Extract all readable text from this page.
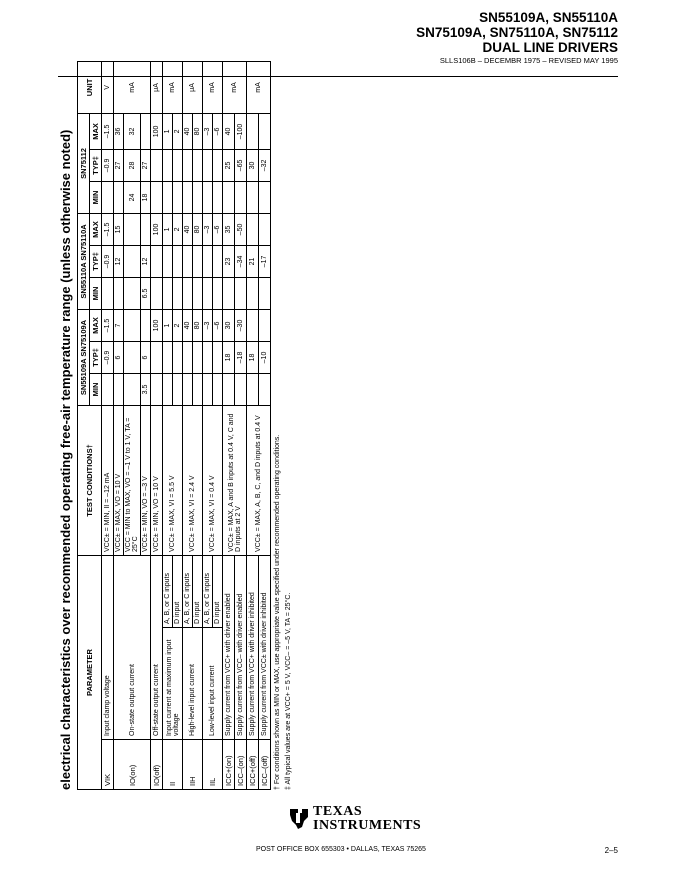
SN55109A, SN55110A
SN75109A, SN75110A, SN75112
DUAL LINE DRIVERS
SLLS106B – DECEMBR 1975 – REVISED MAY 1995
electrical characteristics over recommended operating free-air temperature range (unless otherwise noted) PARAMETER			TEST CONDITIONS†	SN55109A SN75109A			SN55110A SN75110A			SN75112			UNIT
				MIN	TYP‡	MAX	MIN	TYP‡	MAX	MIN	TYP‡	MAX	
VIK	Input clamp voltage		VCC± = MIN, II = –12 mA		–0.9	–1.5		–0.9	–1.5		–0.9	–1.5	V
IO(on)	On-state output current		VCC± = MAX, VO = 10 V		6	7		12	15		27	36	mA
			VCC = MIN to MAX, VO = –1 V to 1 V, TA = 25°C							24	28	32	
			VCC± = MIN, VO = –3 V	3.5	6		6.5	12		18	27		
IO(off)	Off-state output current		VCC± = MIN, VO = 10 V			100			100			100	μA
II	Input current at maximum input voltage	A, B, or C inputs	VCC± = MAX, VI = 5.5 V			1			1			1	mA
		D input				2			2			2	
IIH	High-level input current	A, B, or C inputs	VCC± = MAX, VI = 2.4 V			40			40			40	μA
		D input				80			80			80	
IIL	Low-level input current	A, B, or C inputs	VCC± = MAX, VI = 0.4 V			–3			–3			–3	mA
		D input				–6			–6			–6	
ICC+(on)	Supply current from VCC+ with driver enabled		VCC± = MAX, A and B inputs at 0.4 V, C and D inputs at 2 V		18	30		23	35		25	40	mA
ICC–(on)	Supply current from VCC– with driver enabled				–18	–30		–34	–50		–65	–100	
ICC+(off)	Supply current from VCC+ with driver inhibited		VCC± = MAX, A, B, C, and D inputs at 0.4 V		18			21			30		mA
ICC–(off)	Supply current from VCC± with driver inhibited				–10			–17			–32		
† For conditions shown as MIN or MAX, use appropriate value specified under recommended operating conditions. ‡ All typical values are at VCC+ = 5 V, VCC– = –5 V, TA = 25°C.
TEXAS
INSTRUMENTS
POST OFFICE BOX 655303 • DALLAS, TEXAS 75265	2–5
